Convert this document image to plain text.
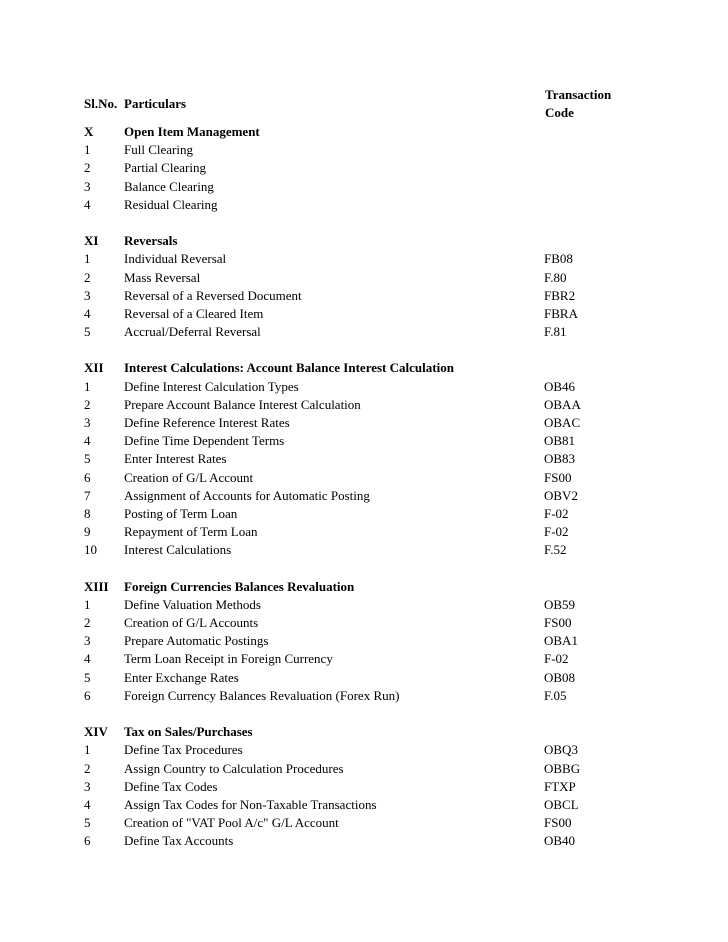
Sl.No. Particulars
Transaction
Code
X Open Item Management
1	Full Clearing
2	Partial Clearing
3	Balance Clearing
4	Residual Clearing
XI Reversals
1	Individual Reversal	FB08
2	Mass Reversal	F.80
3	Reversal of a Reversed Document	FBR2
4	Reversal of a Cleared Item	FBRA
5	Accrual/Deferral Reversal	F.81
XII Interest Calculations: Account Balance Interest Calculation
1	Define Interest Calculation Types	OB46
2	Prepare Account Balance Interest Calculation	OBAA
3	Define Reference Interest Rates	OBAC
4	Define Time Dependent Terms	OB81
5	Enter Interest Rates	OB83
6	Creation of G/L Account	FS00
7	Assignment of Accounts for Automatic Posting	OBV2
8	Posting of Term Loan	F-02
9	Repayment of Term Loan	F-02
10 Interest Calculations	F.52
XIII Foreign Currencies Balances Revaluation
1	Define Valuation Methods	OB59
2	Creation of G/L Accounts	FS00
3	Prepare Automatic Postings	OBA1
4	Term Loan Receipt in Foreign Currency	F-02
5	Enter Exchange Rates	OB08
6	Foreign Currency Balances Revaluation (Forex Run)	F.05
XIV Tax on Sales/Purchases
1	Define Tax Procedures	OBQ3
2	Assign Country to Calculation Procedures	OBBG
3	Define Tax Codes	FTXP
4	Assign Tax Codes for Non-Taxable Transactions	OBCL
5	Creation of "VAT Pool A/c" G/L Account	FS00
6	Define Tax Accounts	OB40
